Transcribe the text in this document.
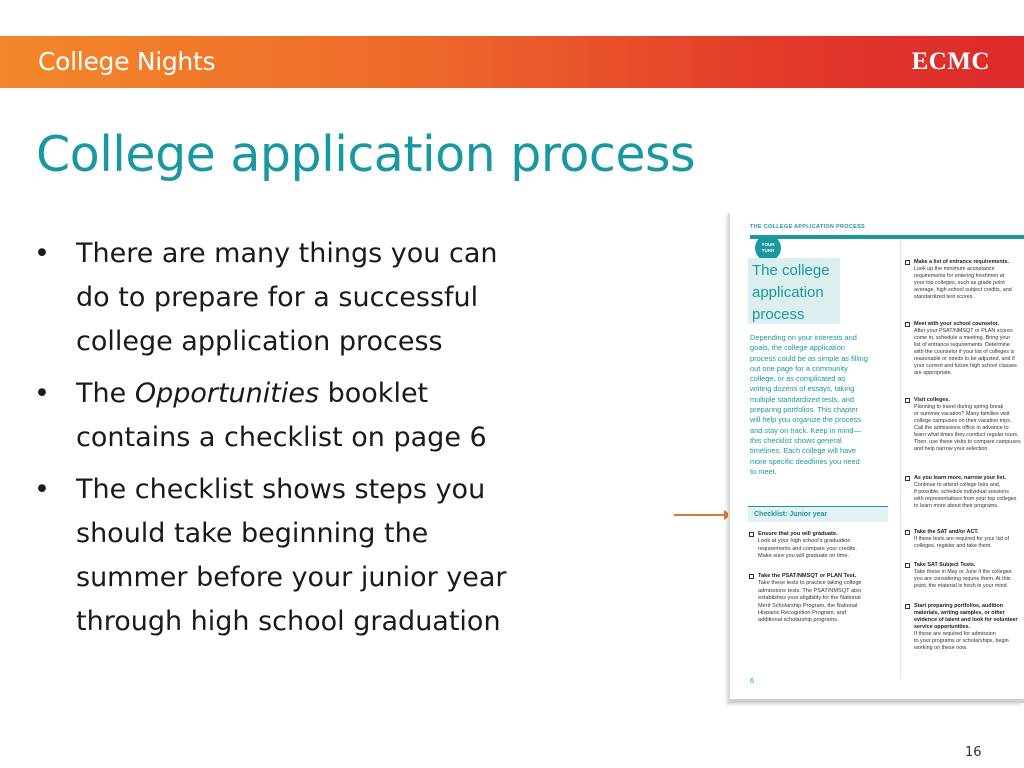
College Nights	ECMC
College application process
• There are many things you can
do to prepare for a successful
college application process
• The Opportunities booklet
contains a checklist on page 6
• The checklist shows steps you
should take beginning the
summer before your junior year
through high school graduation
THE COLLEGE APPLICATION PROCESS
YOUR
TURN
The college
application
process
Depending on your interests and
goals, the college application
process could be as simple as filling
out one page for a community
college, or as complicated as
writing dozens of essays, taking
multiple standardized tests, and
preparing portfolios. This chapter
will help you organize the process
and stay on track. Keep in mind—
this checklist shows general
timelines. Each college will have
more specific deadlines you need
to meet.
Checklist: Junior year
Ensure that you will graduate.
Look at your high school's graduation
requirements and compare your credits.
Make sure you will graduate on time.
Take the PSAT/NMSQT or PLAN Test.
Take these tests to practice taking college
admissions tests. The PSAT/NMSQT also
establishes your eligibility for the National
Merit Scholarship Program, the National
Hispanic Recognition Program, and
additional scholarship programs.
6
Make a list of entrance requirements.
Look up the minimum acceptance
requirements for entering freshmen at
your top colleges, such as grade point
average, high school subject credits, and
standardized test scores.
Meet with your school counselor.
After your PSAT/NMSQT or PLAN scores
come in, schedule a meeting. Bring your
list of entrance requirements. Determine
with the counselor if your list of colleges is
reasonable or needs to be adjusted, and if
your current and future high school classes
are appropriate.
Visit colleges.
Planning to travel during spring break
or summer vacation? Many families visit
college campuses on their vacation trips.
Call the admissions office in advance to
learn what times they conduct regular tours.
Then, use these visits to compare campuses
and help narrow your selection.
As you learn more, narrow your list.
Continue to attend college fairs and,
if possible, schedule individual sessions
with representatives from your top colleges
to learn more about their programs.
Take the SAT and/or ACT.
If these tests are required for your list of
colleges, register and take them.
Take SAT Subject Tests.
Take these in May or June if the colleges
you are considering require them. At this
point, the material is fresh in your mind.
Start preparing portfolios, audition
materials, writing samples, or other
evidence of talent and look for volunteer
service opportunities.
If these are required for admission
to your programs or scholarships, begin
working on these now.
16
